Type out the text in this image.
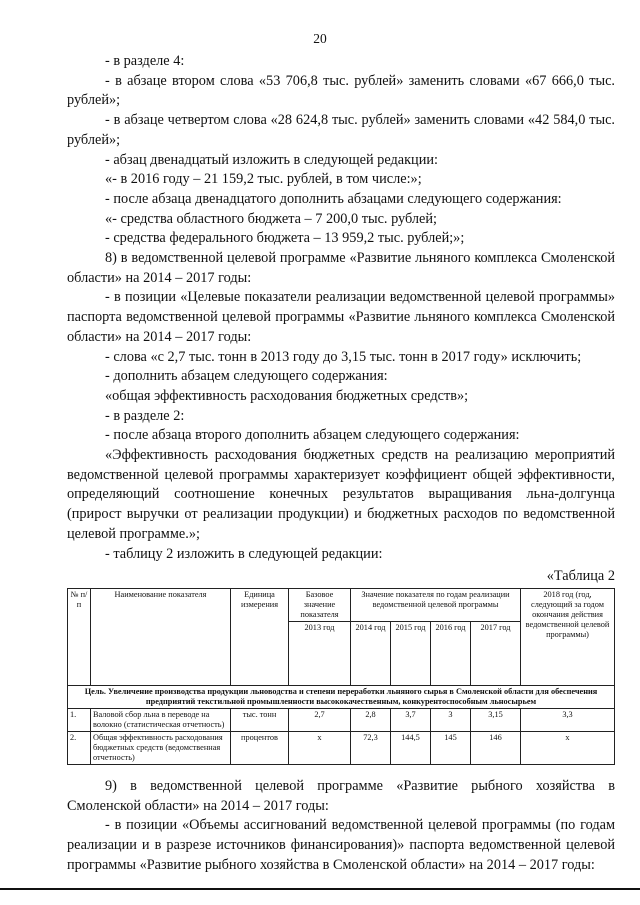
20

- в разделе 4:

- в абзаце втором слова «53 706,8 тыс. рублей» заменить словами «67 666,0 тыс. рублей»;

- в абзаце четвертом слова «28 624,8 тыс. рублей» заменить словами «42 584,0 тыс. рублей»;

- абзац двенадцатый изложить в следующей редакции:

«- в 2016 году – 21 159,2 тыс. рублей, в том числе:»;

- после абзаца двенадцатого дополнить абзацами следующего содержания:

«- средства областного бюджета – 7 200,0 тыс. рублей;

- средства федерального бюджета – 13 959,2 тыс. рублей;»;

8) в ведомственной целевой программе «Развитие льняного комплекса Смоленской области» на 2014 – 2017 годы:

- в позиции «Целевые показатели реализации ведомственной целевой программы» паспорта ведомственной целевой программы «Развитие льняного комплекса Смоленской области» на 2014 – 2017 годы:

- слова «с 2,7 тыс. тонн в 2013 году до 3,15 тыс. тонн в 2017 году» исключить;

- дополнить абзацем следующего содержания:

«общая эффективность расходования бюджетных средств»;

- в разделе 2:

- после абзаца второго дополнить абзацем следующего содержания:

«Эффективность расходования бюджетных средств на реализацию мероприятий ведомственной целевой программы характеризует коэффициент общей эффективности, определяющий соотношение конечных результатов выращивания льна-долгунца (прирост выручки от реализации продукции) и бюджетных расходов по ведомственной целевой программе.»;

- таблицу 2 изложить в следующей редакции:

«Таблица 2

№ п/п	Наименование показателя	Единица измерения	Базовое значение показателя	Значение показателя по годам реализации ведомственной целевой программы				2018 год (год, следующий за годом окончания действия ведомственной целевой программы)
			2013 год	2014 год	2015 год	2016 год	2017 год	
Цель. Увеличение производства продукции льноводства и степени переработки льняного сырья в Смоленской области для обеспечения предприятий текстильной промышленности высококачественным, конкурентоспособным льносырьем								
1.	Валовой сбор льна в переводе на волокно (статистическая отчетность)	тыс. тонн	2,7	2,8	3,7	3	3,15	3,3
2.	Общая эффективность расходования бюджетных средств (ведомственная отчетность)	процентов	х	72,3	144,5	145	146	х

9) в ведомственной целевой программе «Развитие рыбного хозяйства в Смоленской области» на 2014 – 2017 годы:

- в позиции «Объемы ассигнований ведомственной целевой программы (по годам реализации и в разрезе источников финансирования)» паспорта ведомственной целевой программы «Развитие рыбного хозяйства в Смоленской области» на 2014 – 2017 годы:
